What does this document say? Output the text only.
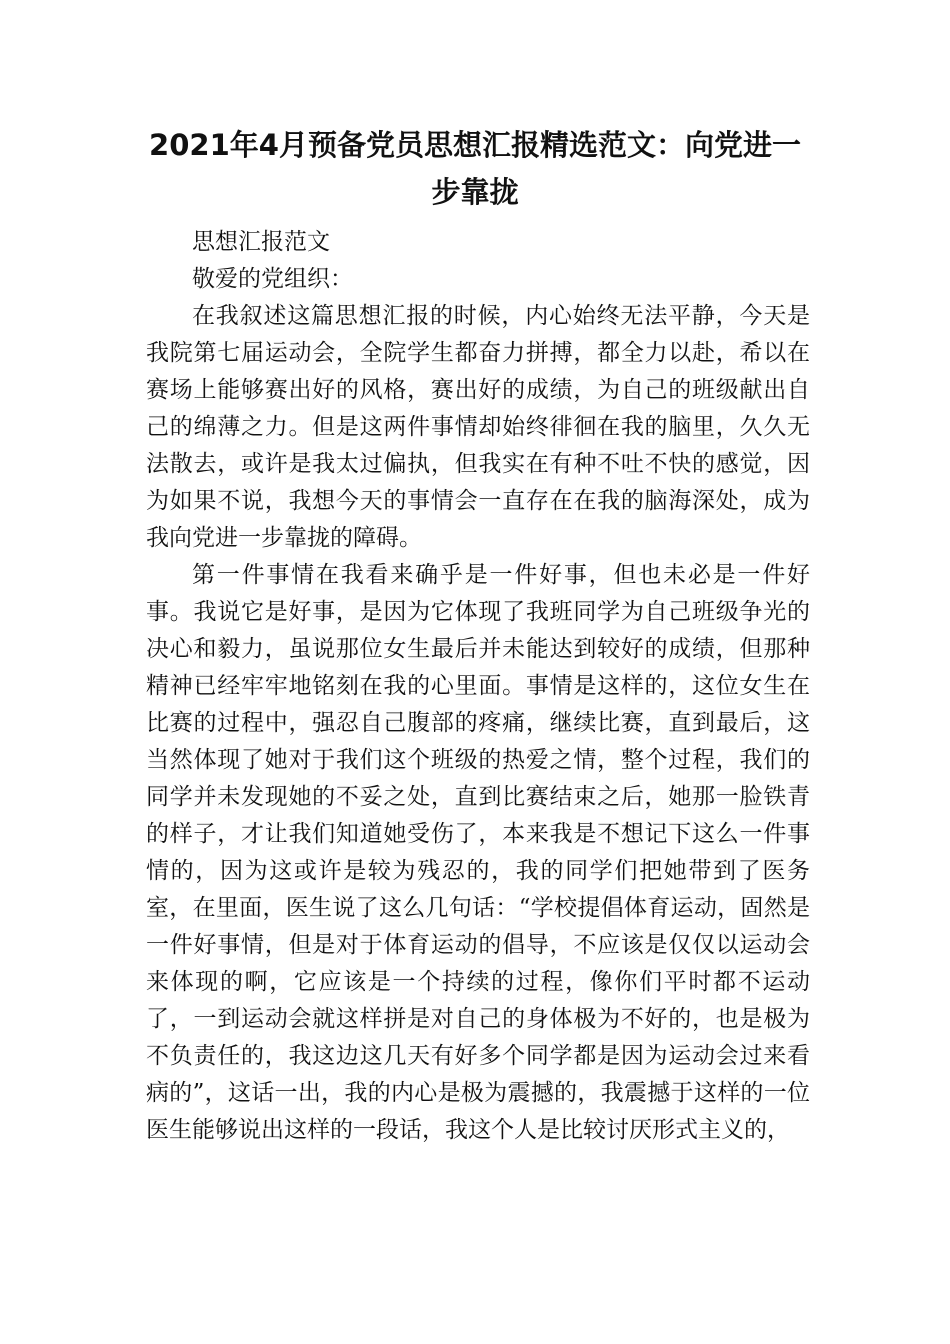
2021年4月预备党员思想汇报精选范文：向党进一步靠拢

思想汇报范文

敬爱的党组织：

在我叙述这篇思想汇报的时候，内心始终无法平静，今天是我院第七届运动会，全院学生都奋力拼搏，都全力以赴，希以在赛场上能够赛出好的风格，赛出好的成绩，为自己的班级献出自己的绵薄之力。但是这两件事情却始终徘徊在我的脑里，久久无法散去，或许是我太过偏执，但我实在有种不吐不快的感觉，因为如果不说，我想今天的事情会一直存在在我的脑海深处，成为我向党进一步靠拢的障碍。

第一件事情在我看来确乎是一件好事，但也未必是一件好事。我说它是好事，是因为它体现了我班同学为自己班级争光的决心和毅力，虽说那位女生最后并未能达到较好的成绩，但那种精神已经牢牢地铭刻在我的心里面。事情是这样的，这位女生在比赛的过程中，强忍自己腹部的疼痛，继续比赛，直到最后，这当然体现了她对于我们这个班级的热爱之情，整个过程，我们的同学并未发现她的不妥之处，直到比赛结束之后，她那一脸铁青的样子，才让我们知道她受伤了，本来我是不想记下这么一件事情的，因为这或许是较为残忍的，我的同学们把她带到了医务室，在里面，医生说了这么几句话：“学校提倡体育运动，固然是一件好事情，但是对于体育运动的倡导，不应该是仅仅以运动会来体现的啊，它应该是一个持续的过程，像你们平时都不运动了，一到运动会就这样拼是对自己的身体极为不好的，也是极为不负责任的，我这边这几天有好多个同学都是因为运动会过来看病的”，这话一出，我的内心是极为震撼的，我震撼于这样的一位医生能够说出这样的一段话，我这个人是比较讨厌形式主义的，
